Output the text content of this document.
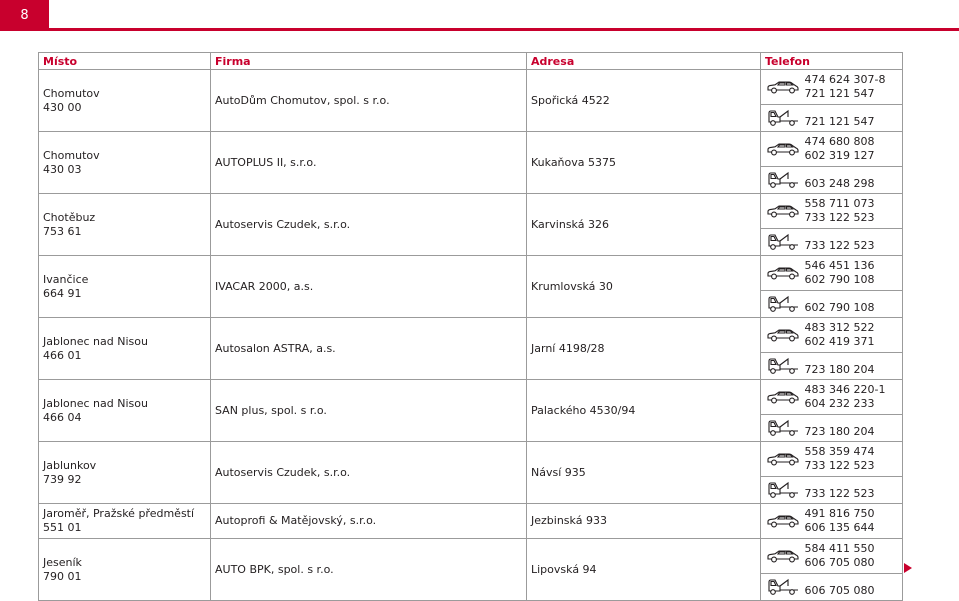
8
Místo	Firma	Adresa	Telefon	
Chomutov
430 00	AutoDům Chomutov, spol. s r.o.	Spořická 4522		474 624 307-8
721 121 547

	721 121 547
Chomutov
430 03	AUTOPLUS II, s.r.o.	Kukaňova 5375		474 680 808
602 319 127

	603 248 298
Chotěbuz
753 61	Autoservis Czudek, s.r.o.	Karvinská 326		558 711 073
733 122 523

	733 122 523
Ivančice
664 91	IVACAR 2000, a.s.	Krumlovská 30		546 451 136
602 790 108

	602 790 108
Jablonec nad Nisou
466 01	Autosalon ASTRA, a.s.	Jarní 4198/28		483 312 522
602 419 371

	723 180 204
Jablonec nad Nisou
466 04	SAN plus, spol. s r.o.	Palackého 4530/94		483 346 220-1
604 232 233

	723 180 204
Jablunkov
739 92	Autoservis Czudek, s.r.o.	Návsí 935		558 359 474
733 122 523

	733 122 523
Jaroměř, Pražské předměstí
551 01	Autoprofi & Matějovský, s.r.o.	Jezbinská 933		491 816 750
606 135 644
Jeseník
790 01	AUTO BPK, spol. s r.o.	Lipovská 94		584 411 550
606 705 080

	606 705 080
